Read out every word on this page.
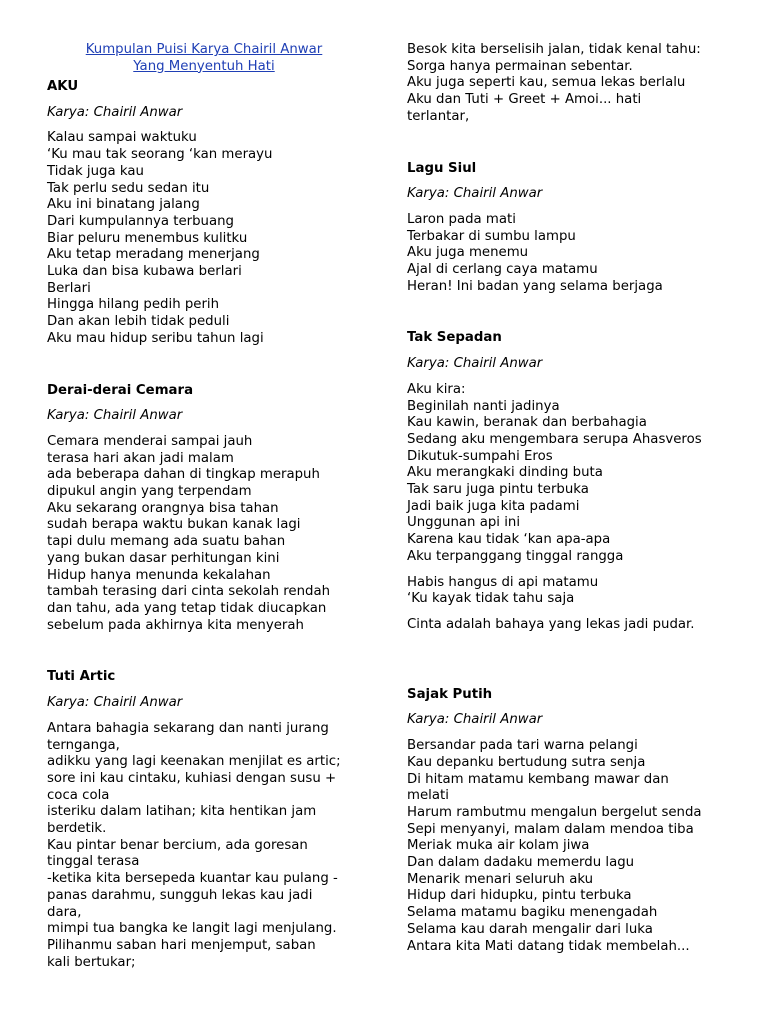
Kumpulan Puisi Karya Chairil Anwar
Yang Menyentuh Hati
AKU
Karya: Chairil Anwar
Kalau sampai waktuku
‘Ku mau tak seorang ‘kan merayu
Tidak juga kau
Tak perlu sedu sedan itu
Aku ini binatang jalang
Dari kumpulannya terbuang
Biar peluru menembus kulitku
Aku tetap meradang menerjang
Luka dan bisa kubawa berlari
Berlari
Hingga hilang pedih perih
Dan akan lebih tidak peduli
Aku mau hidup seribu tahun lagi
Derai-derai Cemara
Karya: Chairil Anwar
Cemara menderai sampai jauh
terasa hari akan jadi malam
ada beberapa dahan di tingkap merapuh
dipukul angin yang terpendam
Aku sekarang orangnya bisa tahan
sudah berapa waktu bukan kanak lagi
tapi dulu memang ada suatu bahan
yang bukan dasar perhitungan kini
Hidup hanya menunda kekalahan
tambah terasing dari cinta sekolah rendah
dan tahu, ada yang tetap tidak diucapkan
sebelum pada akhirnya kita menyerah
Tuti Artic
Karya: Chairil Anwar
Antara bahagia sekarang dan nanti jurang
ternganga,
adikku yang lagi keenakan menjilat es artic;
sore ini kau cintaku, kuhiasi dengan susu +
coca cola
isteriku dalam latihan; kita hentikan jam
berdetik.
Kau pintar benar bercium, ada goresan
tinggal terasa
-ketika kita bersepeda kuantar kau pulang -
panas darahmu, sungguh lekas kau jadi
dara,
mimpi tua bangka ke langit lagi menjulang.
Pilihanmu saban hari menjemput, saban
kali bertukar;
Besok kita berselisih jalan, tidak kenal tahu:
Sorga hanya permainan sebentar.
Aku juga seperti kau, semua lekas berlalu
Aku dan Tuti + Greet + Amoi... hati
terlantar,
Lagu Siul
Karya: Chairil Anwar
Laron pada mati
Terbakar di sumbu lampu
Aku juga menemu
Ajal di cerlang caya matamu
Heran! Ini badan yang selama berjaga
Tak Sepadan
Karya: Chairil Anwar
Aku kira:
Beginilah nanti jadinya
Kau kawin, beranak dan berbahagia
Sedang aku mengembara serupa Ahasveros
Dikutuk-sumpahi Eros
Aku merangkaki dinding buta
Tak saru juga pintu terbuka
Jadi baik juga kita padami
Unggunan api ini
Karena kau tidak ‘kan apa-apa
Aku terpanggang tinggal rangga
Habis hangus di api matamu
‘Ku kayak tidak tahu saja
Cinta adalah bahaya yang lekas jadi pudar.
Sajak Putih
Karya: Chairil Anwar
Bersandar pada tari warna pelangi
Kau depanku bertudung sutra senja
Di hitam matamu kembang mawar dan
melati
Harum rambutmu mengalun bergelut senda
Sepi menyanyi, malam dalam mendoa tiba
Meriak muka air kolam jiwa
Dan dalam dadaku memerdu lagu
Menarik menari seluruh aku
Hidup dari hidupku, pintu terbuka
Selama matamu bagiku menengadah
Selama kau darah mengalir dari luka
Antara kita Mati datang tidak membelah...
